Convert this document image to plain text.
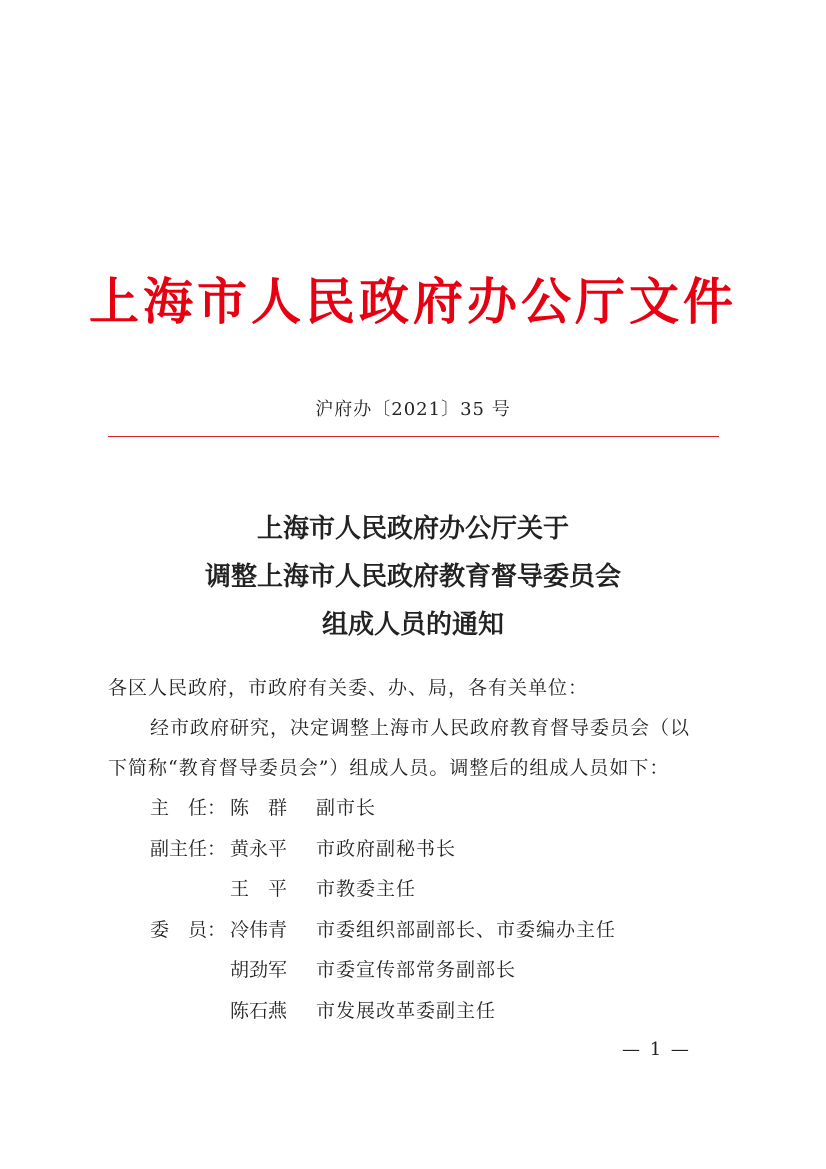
上海市人民政府办公厅文件
沪府办〔2021〕35 号
上海市人民政府办公厅关于
调整上海市人民政府教育督导委员会
组成人员的通知
各区人民政府，市政府有关委、办、局，各有关单位：
经市政府研究，决定调整上海市人民政府教育督导委员会（以
下简称“教育督导委员会”）组成人员。调整后的组成人员如下：
主　任： 陈　群	副市长
副主任： 黄永平	市政府副秘书长
王　平	市教委主任
委　员： 冷伟青	市委组织部副部长、市委编办主任
胡劲军	市委宣传部常务副部长
陈石燕	市发展改革委副主任
— 1 —
